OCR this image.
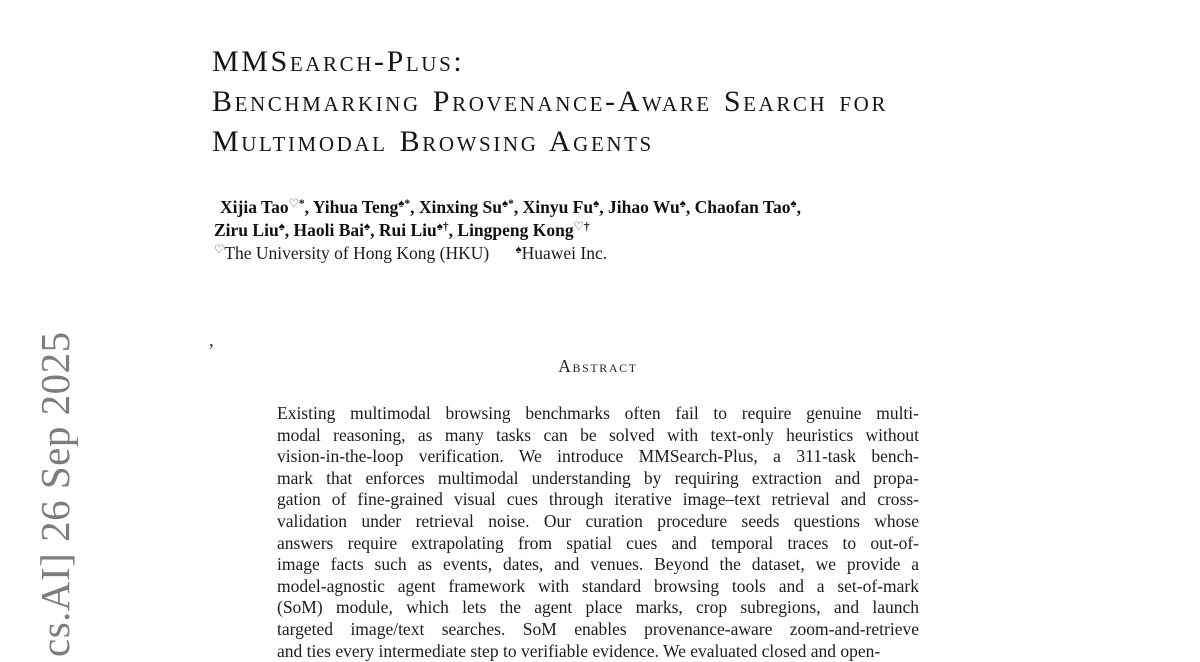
cs.AI] 26 Sep 2025	,
MMSearch-Plus:
Benchmarking Provenance-Aware Search for
Multimodal Browsing Agents
Xijia Tao♡*, Yihua Teng♠*, Xinxing Su♠*, Xinyu Fu♠, Jihao Wu♠, Chaofan Tao♠,
Ziru Liu♠, Haoli Bai♠, Rui Liu♠†, Lingpeng Kong♡†
♡The University of Hong Kong (HKU)    ♠Huawei Inc.
Abstract
Existing multimodal browsing benchmarks often fail to require genuine multi-
modal reasoning, as many tasks can be solved with text-only heuristics without
vision-in-the-loop verification. We introduce MMSearch-Plus, a 311-task bench-
mark that enforces multimodal understanding by requiring extraction and propa-
gation of fine-grained visual cues through iterative image–text retrieval and cross-
validation under retrieval noise. Our curation procedure seeds questions whose
answers require extrapolating from spatial cues and temporal traces to out-of-
image facts such as events, dates, and venues. Beyond the dataset, we provide a
model-agnostic agent framework with standard browsing tools and a set-of-mark
(SoM) module, which lets the agent place marks, crop subregions, and launch
targeted image/text searches. SoM enables provenance-aware zoom-and-retrieve
and ties every intermediate step to verifiable evidence. We evaluated closed and open-
